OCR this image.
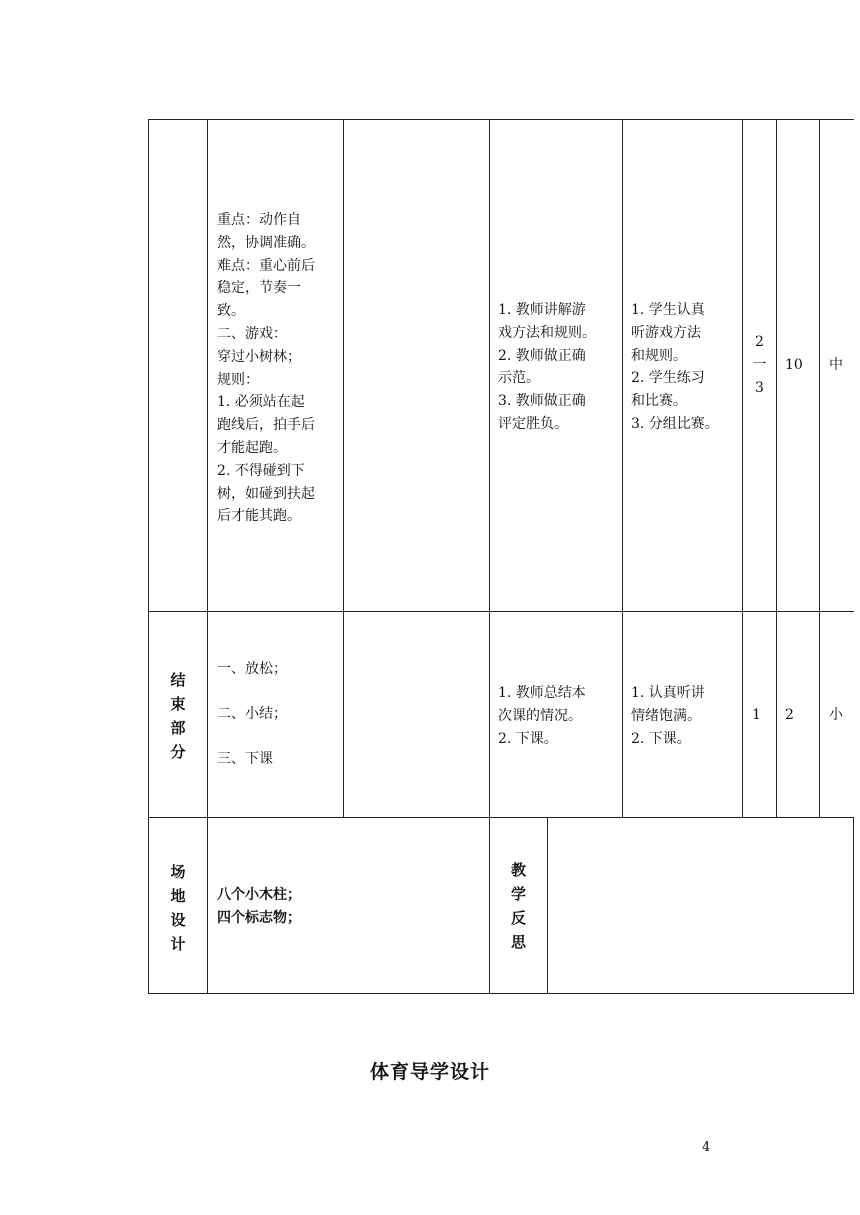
重点：动作自
然，协调准确。
难点：重心前后
稳定，节奏一
致。
二、游戏：
穿过小树林；
规则：
1. 必须站在起
跑线后，拍手后
才能起跑。
2. 不得碰到下
树，如碰到扶起
后才能其跑。
1. 教师讲解游
戏方法和规则。
2. 教师做正确
示范。
3. 教师做正确
评定胜负。
1. 学生认真
听游戏方法
和规则。
2. 学生练习
和比赛。
3. 分组比赛。
2
一
3
10 中
结
束
部
分
一、放松；
二、小结；
三、下课
1. 教师总结本
次课的情况。
2. 下课。
1. 认真听讲
情绪饱满。
2. 下课。
1 2	小
场
地
设
计
八个小木柱；
四个标志物；
教
学
反
思
体育导学设计
4
